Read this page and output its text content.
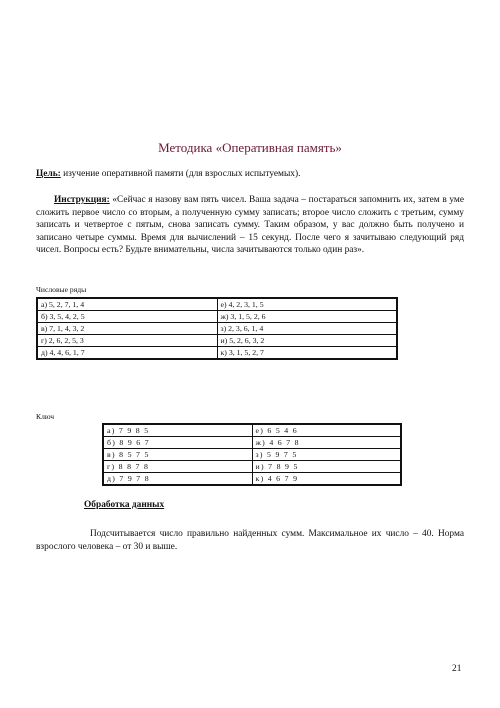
Методика «Оперативная память»

Цель: изучение оперативной памяти (для взрослых испытуемых).

Инструкция: «Сейчас я назову вам пять чисел. Ваша задача – постараться запомнить их, затем в уме сложить первое число со вторым, а полученную сумму записать; второе число сложить с третьим, сумму записать и четвертое с пятым, снова записать сумму. Таким образом, у вас должно быть получено и записано четыре суммы. Время для вычислений – 15 секунд. После чего я зачитываю следующий ряд чисел. Вопросы есть? Будьте внимательны, числа зачитываются только один раз».

Числовые ряды
а) 5, 2, 7, 1, 4	е) 4, 2, 3, 1, 5
б) 3, 5, 4, 2, 5	ж) 3, 1, 5, 2, 6
в) 7, 1, 4, 3, 2	з) 2, 3, 6, 1, 4
г) 2, 6, 2, 5, 3	и) 5, 2, 6, 3, 2
д) 4, 4, 6, 1, 7	к) 3, 1, 5, 2, 7
Ключ
а) 7 9 8 5	е) 6 5 4 6
б) 8 9 6 7	ж) 4 6 7 8
в) 8 5 7 5	з) 5 9 7 5
г) 8 8 7 8	и) 7 8 9 5
д) 7 9 7 8	к) 4 6 7 9
Обработка данных

Подсчитывается число правильно найденных сумм. Максимальное их число – 40. Норма взрослого человека – от 30 и выше.

21
